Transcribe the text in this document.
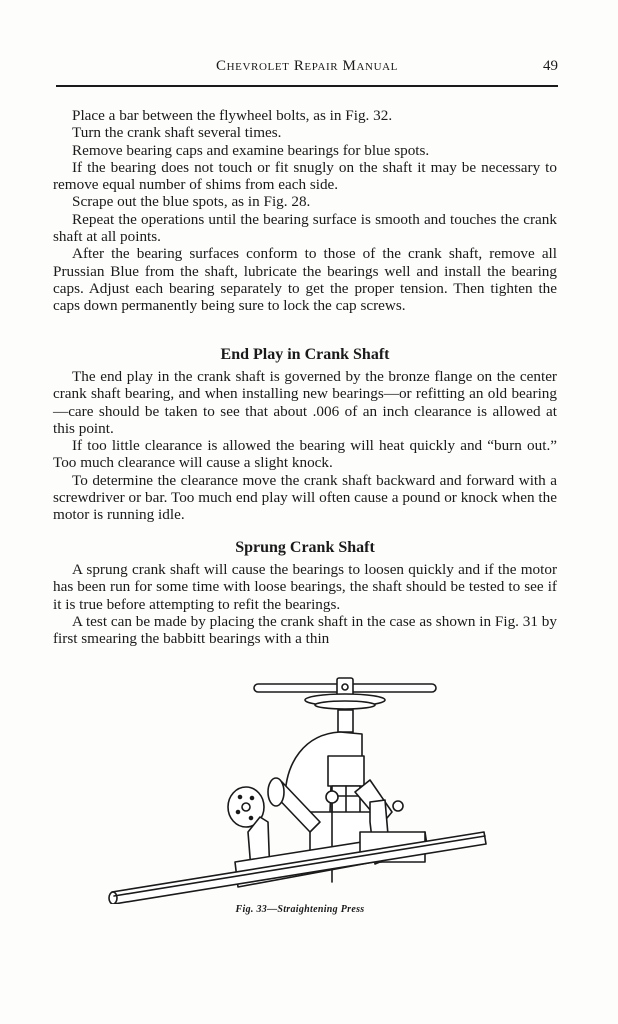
Chevrolet Repair Manual	49

Place a bar between the flywheel bolts, as in Fig. 32.

Turn the crank shaft several times.

Remove bearing caps and examine bearings for blue spots.

If the bearing does not touch or fit snugly on the shaft it may be necessary to remove equal number of shims from each side.

Scrape out the blue spots, as in Fig. 28.

Repeat the operations until the bearing surface is smooth and touches the crank shaft at all points.

After the bearing surfaces conform to those of the crank shaft, remove all Prussian Blue from the shaft, lubricate the bearings well and install the bearing caps. Adjust each bearing separately to get the proper tension. Then tighten the caps down permanently being sure to lock the cap screws.

End Play in Crank Shaft

The end play in the crank shaft is governed by the bronze flange on the center crank shaft bearing, and when installing new bearings—or refitting an old bearing—care should be taken to see that about .006 of an inch clearance is allowed at this point.

If too little clearance is allowed the bearing will heat quickly and “burn out.” Too much clearance will cause a slight knock.

To determine the clearance move the crank shaft backward and forward with a screwdriver or bar. Too much end play will often cause a pound or knock when the motor is running idle.

Sprung Crank Shaft

A sprung crank shaft will cause the bearings to loosen quickly and if the motor has been run for some time with loose bearings, the shaft should be tested to see if it is true before attempting to refit the bearings.

A test can be made by placing the crank shaft in the case as shown in Fig. 31 by first smearing the babbitt bearings with a thin

Fig. 33—Straightening Press
